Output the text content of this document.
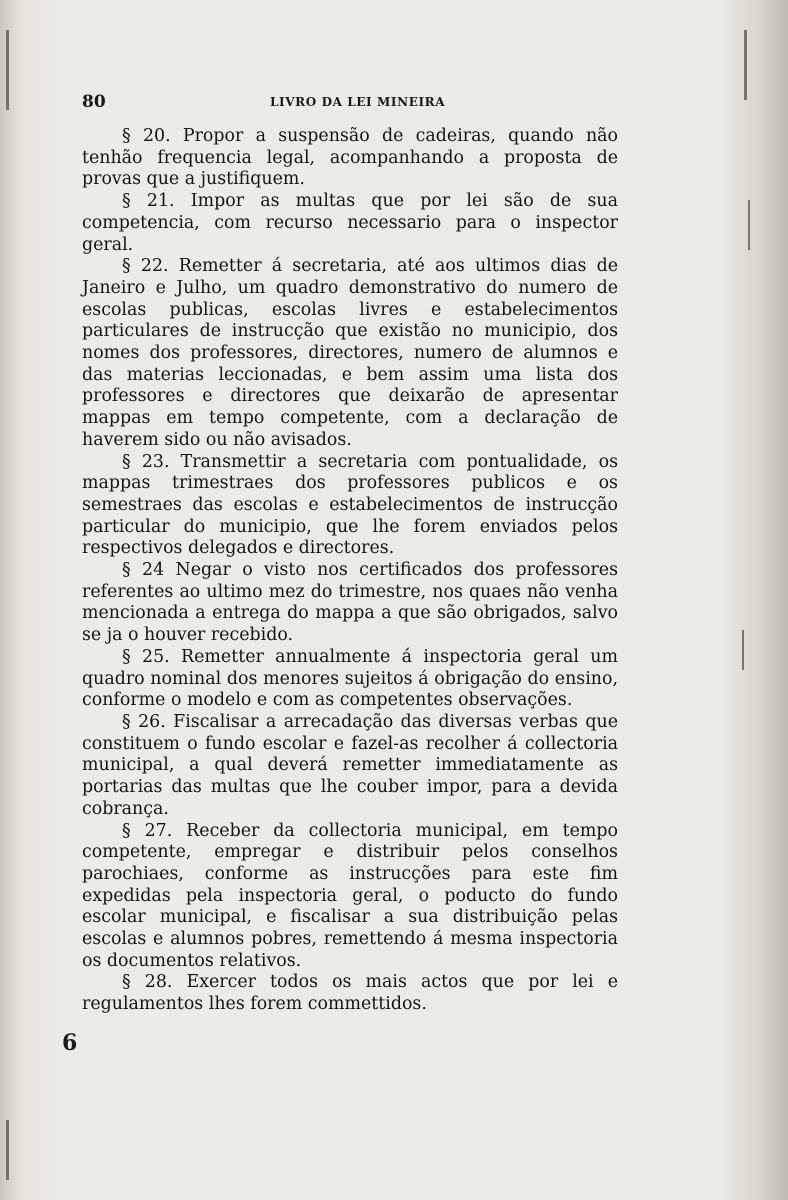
80	LIVRO DA LEI MINEIRA

§ 20. Propor a suspensão de cadeiras, quando não tenhão frequencia legal, acompanhando a proposta de provas que a justifiquem.

§ 21. Impor as multas que por lei são de sua competencia, com recurso necessario para o inspector geral.

§ 22. Remetter á secretaria, até aos ultimos dias de Janeiro e Julho, um quadro demonstrativo do numero de escolas publicas, escolas livres e estabelecimentos particulares de instrucção que existão no municipio, dos nomes dos professores, directores, numero de alumnos e das materias leccionadas, e bem assim uma lista dos professores e directores que deixarão de apresentar mappas em tempo competente, com a declaração de haverem sido ou não avisados.

§ 23. Transmettir a secretaria com pontualidade, os mappas trimestraes dos professores publicos e os semestraes das escolas e estabelecimentos de instrucção particular do municipio, que lhe forem enviados pelos respectivos delegados e directores.

§ 24 Negar o visto nos certificados dos professores referentes ao ultimo mez do trimestre, nos quaes não venha mencionada a entrega do mappa a que são obrigados, salvo se ja o houver recebido.

§ 25. Remetter annualmente á inspectoria geral um quadro nominal dos menores sujeitos á obrigação do ensino, conforme o modelo e com as competentes observações.

§ 26. Fiscalisar a arrecadação das diversas verbas que constituem o fundo escolar e fazel-as recolher á collectoria municipal, a qual deverá remetter immediatamente as portarias das multas que lhe couber impor, para a devida cobrança.

§ 27. Receber da collectoria municipal, em tempo competente, empregar e distribuir pelos conselhos parochiaes, conforme as instrucções para este fim expedidas pela inspectoria geral, o poducto do fundo escolar municipal, e fiscalisar a sua distribuição pelas escolas e alumnos pobres, remettendo á mesma inspectoria os documentos relativos.

§ 28. Exercer todos os mais actos que por lei e regulamentos lhes forem commettidos.

6
